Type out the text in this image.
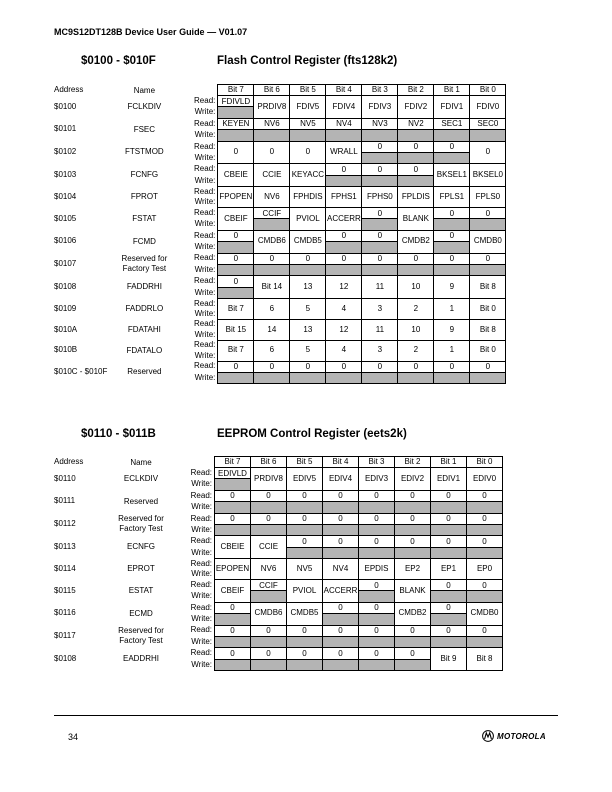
MC9S12DT128B Device User Guide — V01.07
$0100 - $010F	Flash Control Register (fts128k2)
Address	Name		Bit 7	Bit 6	Bit 5	Bit 4	Bit 3	Bit 2	Bit 1	Bit 0
$0100	FCLKDIV	Read:	FDIVLD	PRDIV8	FDIV5	FDIV4	FDIV3	FDIV2	FDIV1	FDIV0
		Write:								
$0101	FSEC	Read:	KEYEN	NV6	NV5	NV4	NV3	NV2	SEC1	SEC0

		Write:								
$0102	FTSTMOD	Read:	0	0	0	WRALL	0	0	0	0
		Write:								
$0103	FCNFG	Read:	CBEIE	CCIE	KEYACC	0	0	0	BKSEL1	BKSEL0
		Write:								
$0104	FPROT	Read:	FPOPEN	NV6	FPHDIS	FPHS1	FPHS0	FPLDIS	FPLS1	FPLS0
		Write:								
$0105	FSTAT	Read:	CBEIF	CCIF	PVIOL	ACCERR	0	BLANK	0	0

		Write:								
$0106	FCMD	Read:	0	CMDB6	CMDB5	0	0	CMDB2	0	CMDB0
		Write:								
$0107	Reserved for Factory Test	Read:	0	0	0	0	0	0	0	0

		Write:								
$0108	FADDRHI	Read:	0	Bit 14	13	12	11	10	9	Bit 8
		Write:								
$0109	FADDRLO	Read:	Bit 7	6	5	4	3	2	1	Bit 0
		Write:								
$010A	FDATAHI	Read:	Bit 15	14	13	12	11	10	9	Bit 8
		Write:								
$010B	FDATALO	Read:	Bit 7	6	5	4	3	2	1	Bit 0
		Write:								
$010C - $010F	Reserved	Read:	0	0	0	0	0	0	0	0

		Write:								
$0110 - $011B	EEPROM Control Register (eets2k)
Address	Name		Bit 7	Bit 6	Bit 5	Bit 4	Bit 3	Bit 2	Bit 1	Bit 0
$0110	ECLKDIV	Read:	EDIVLD	PRDIV8	EDIV5	EDIV4	EDIV3	EDIV2	EDIV1	EDIV0
		Write:								
$0111	Reserved	Read:	0	0	0	0	0	0	0	0

		Write:								
$0112	Reserved for Factory Test	Read:	0	0	0	0	0	0	0	0

		Write:								
$0113	ECNFG	Read:	CBEIE	CCIE	0	0	0	0	0	0

		Write:								
$0114	EPROT	Read:	EPOPEN	NV6	NV5	NV4	EPDIS	EP2	EP1	EP0
		Write:								
$0115	ESTAT	Read:	CBEIF	CCIF	PVIOL	ACCERR	0	BLANK	0	0

		Write:								
$0116	ECMD	Read:	0	CMDB6	CMDB5	0	0	CMDB2	0	CMDB0
		Write:								
$0117	Reserved for Factory Test	Read:	0	0	0	0	0	0	0	0

		Write:								
$0108	EADDRHI	Read:	0	0	0	0	0	0	Bit 9	Bit 8
		Write:								
34	MOTOROLA
